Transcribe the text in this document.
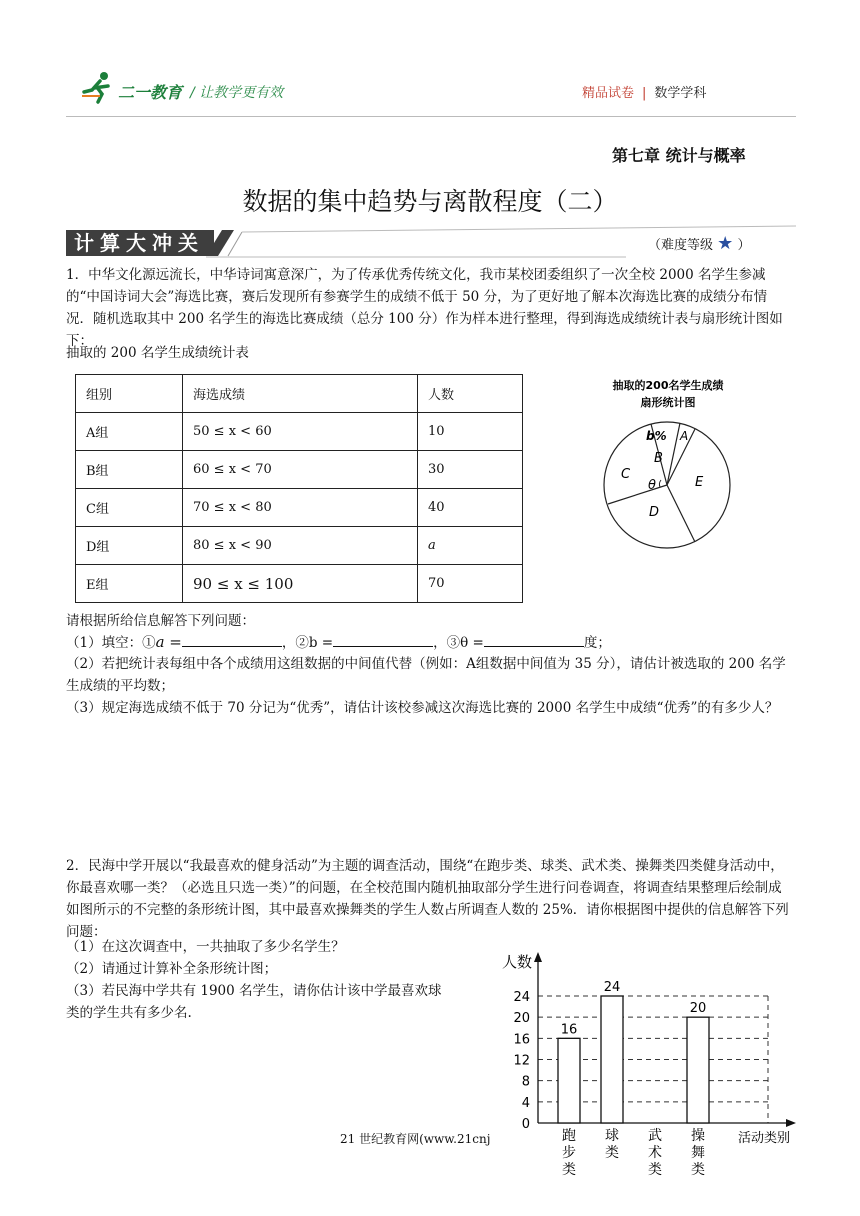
二一教育 / 让教学更有效	精品试卷 | 数学学科
第七章 统计与概率
数据的集中趋势与离散程度（二）
计算大冲关	（难度等级 ★ ）
1．中华文化源远流长，中华诗词寓意深广，为了传承优秀传统文化，我市某校团委组织了一次全校 2000 名学生参减的“中国诗词大会”海选比赛，赛后发现所有参赛学生的成绩不低于 50 分，为了更好地了解本次海选比赛的成绩分布情况．随机选取其中 200 名学生的海选比赛成绩（总分 100 分）作为样本进行整理，得到海选成绩统计表与扇形统计图如下：
抽取的 200 名学生成绩统计表
组别	海选成绩	人数
A组	50 ≤ x < 60	10
B组	60 ≤ x < 70	30
C组	70 ≤ x < 80	40
D组	80 ≤ x < 90	a
E组	90 ≤ x ≤ 100	70
抽取的200名学生成绩
扇形统计图
b% A
B
C
θ	E
D
请根据所给信息解答下列问题：
（1）填空：①a =	，②b =	，③θ =	度；
（2）若把统计表每组中各个成绩用这组数据的中间值代替（例如：A组数据中间值为 35 分），请估计被选取的 200 名学生成绩的平均数；
（3）规定海选成绩不低于 70 分记为“优秀”，请估计该校参减这次海选比赛的 2000 名学生中成绩“优秀”的有多少人？
2．民海中学开展以“我最喜欢的健身活动”为主题的调查活动，围绕“在跑步类、球类、武术类、操舞类四类健身活动中，你最喜欢哪一类？（必选且只选一类）”的问题，在全校范围内随机抽取部分学生进行问卷调查，将调查结果整理后绘制成如图所示的不完整的条形统计图，其中最喜欢操舞类的学生人数占所调查人数的 25%．请你根据图中提供的信息解答下列问题：
（1）在这次调查中，一共抽取了多少名学生？
（2）请通过计算补全条形统计图；
（3）若民海中学共有 1900 名学生，请你估计该中学最喜欢球
类的学生共有多少名.
0
4
8
12
16
20
24
跑
步
类
球
类
武
术
类
操
舞
类
16
24
20
人数
活动类别
21 世纪教育网(www.21cnj
